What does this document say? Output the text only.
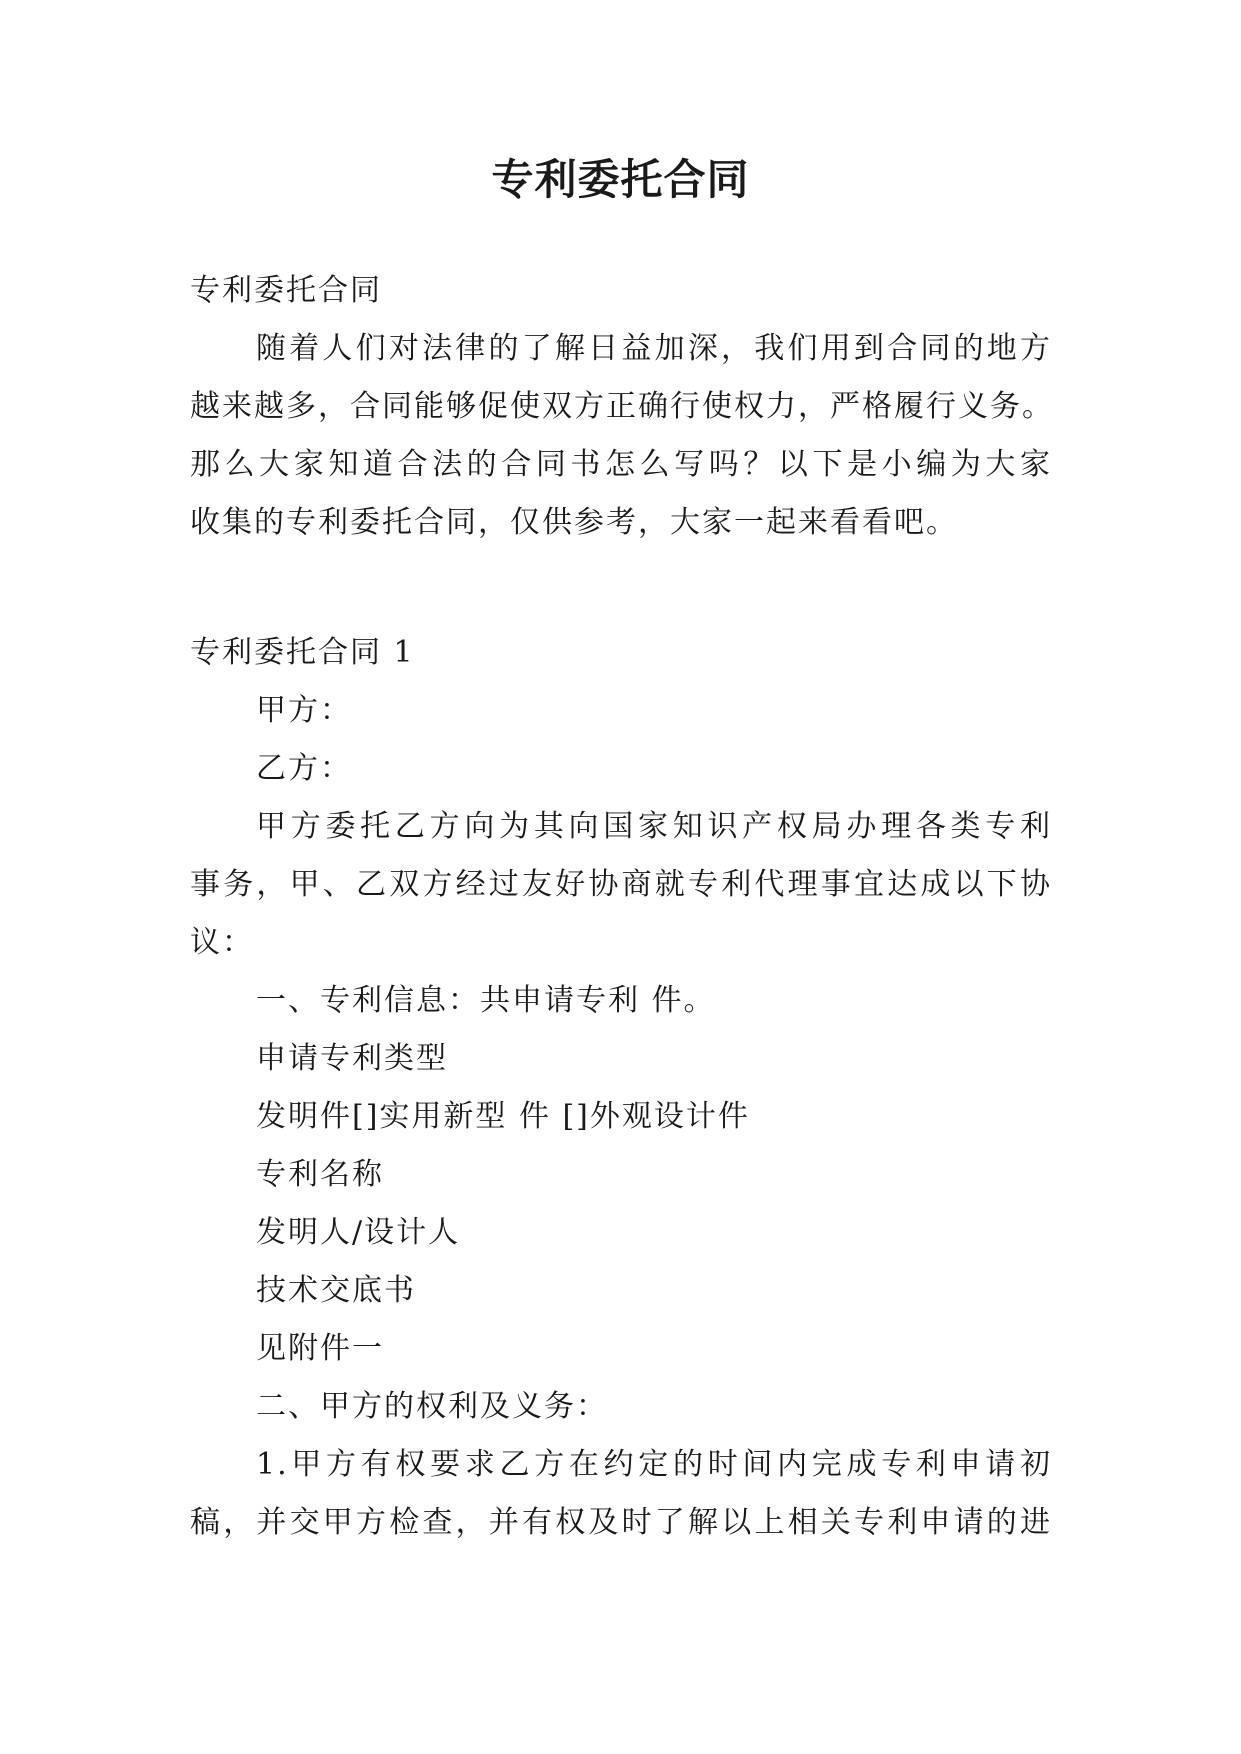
专利委托合同

专利委托合同

随着人们对法律的了解日益加深，我们用到合同的地方

越来越多，合同能够促使双方正确行使权力，严格履行义务。

那么大家知道合法的合同书怎么写吗？以下是小编为大家

收集的专利委托合同，仅供参考，大家一起来看看吧。

专利委托合同 1

甲方：

乙方：

甲方委托乙方向为其向国家知识产权局办理各类专利

事务，甲、乙双方经过友好协商就专利代理事宜达成以下协

议：

一、专利信息：共申请专利 件。

申请专利类型

发明件[]实用新型 件 []外观设计件

专利名称

发明人/设计人

技术交底书

见附件一

二、甲方的权利及义务：

1.甲方有权要求乙方在约定的时间内完成专利申请初

稿，并交甲方检查，并有权及时了解以上相关专利申请的进
